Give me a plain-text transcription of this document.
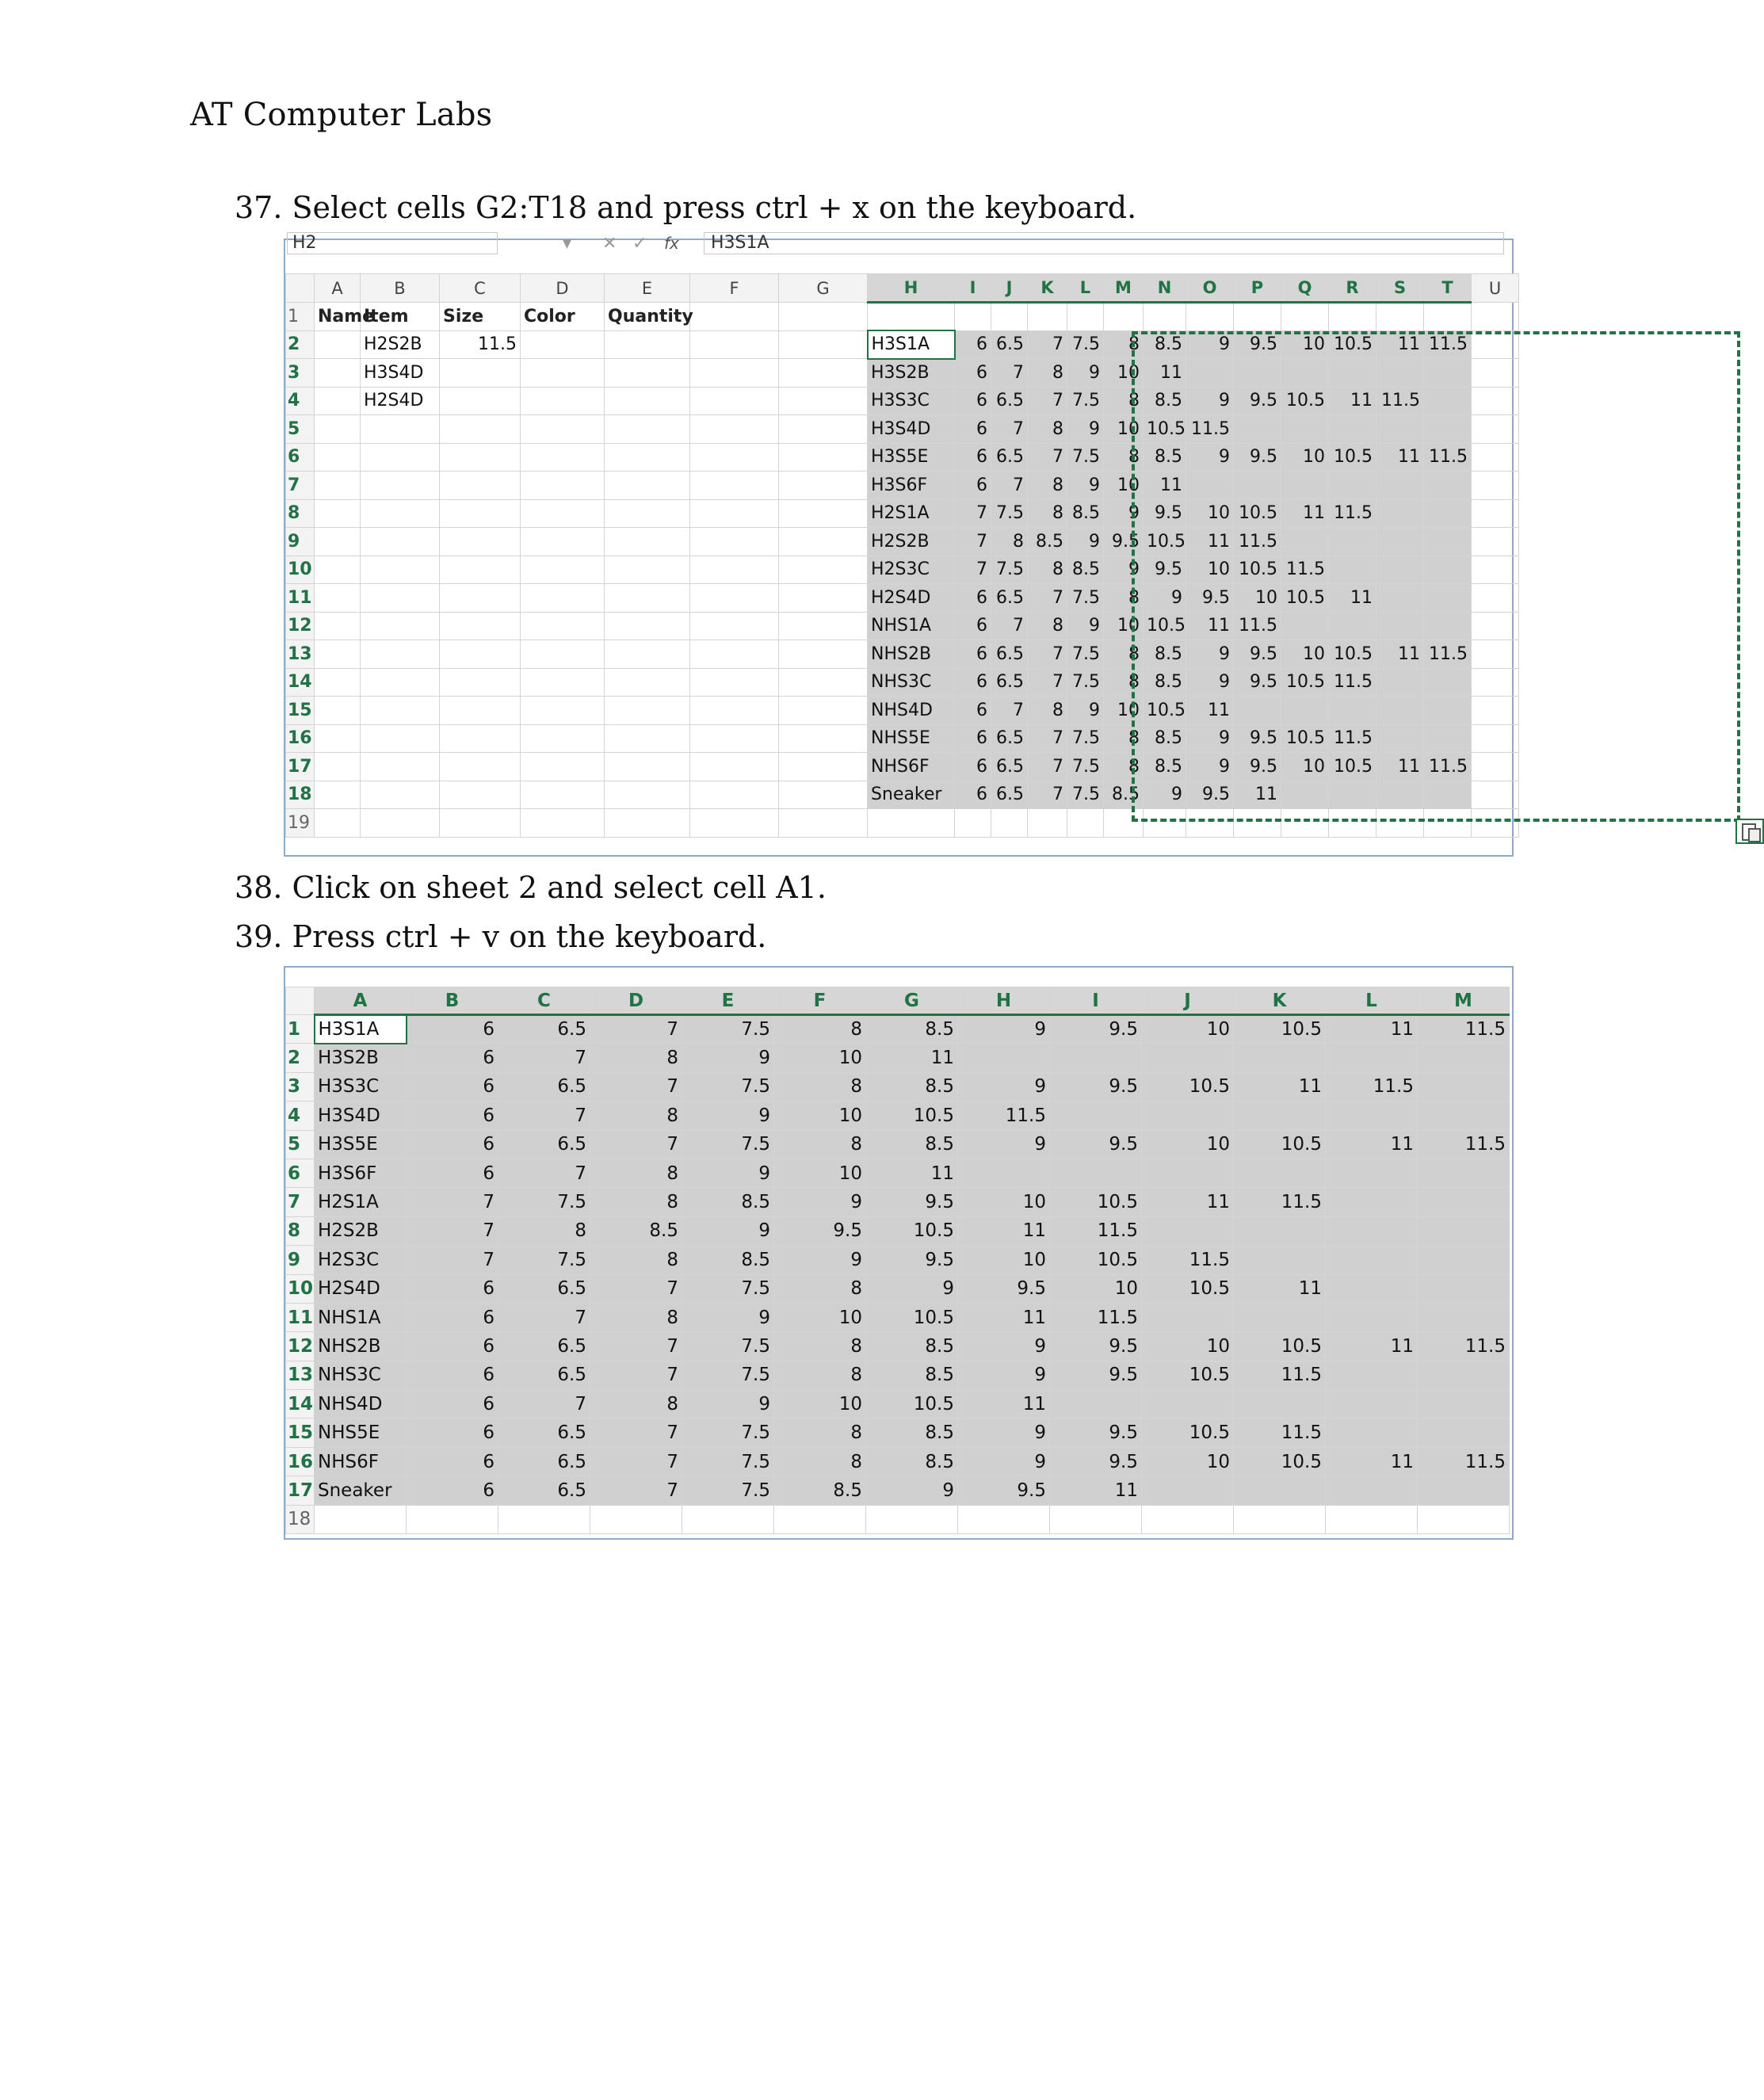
AT Computer Labs
37. Select cells G2:T18 and press ctrl + x on the keyboard.
H2	▾ ✕ ✓ fx	H3S1A
	A	B	C	D	E	F	G	H	I	J	K	L	M	N	O	P	Q	R	S	T	U
1	Name	Item	Size	Color	Quantity																
2		H2S2B	11.5					H3S1A	6	6.5	7	7.5	8	8.5	9	9.5	10	10.5	11	11.5	
3		H3S4D						H3S2B	6	7	8	9	10	11							
4		H2S4D						H3S3C	6	6.5	7	7.5	8	8.5	9	9.5	10.5	11	11.5		
5								H3S4D	6	7	8	9	10	10.5	11.5						
6								H3S5E	6	6.5	7	7.5	8	8.5	9	9.5	10	10.5	11	11.5	
7								H3S6F	6	7	8	9	10	11							
8								H2S1A	7	7.5	8	8.5	9	9.5	10	10.5	11	11.5			
9								H2S2B	7	8	8.5	9	9.5	10.5	11	11.5					
10								H2S3C	7	7.5	8	8.5	9	9.5	10	10.5	11.5				
11								H2S4D	6	6.5	7	7.5	8	9	9.5	10	10.5	11			
12								NHS1A	6	7	8	9	10	10.5	11	11.5					
13								NHS2B	6	6.5	7	7.5	8	8.5	9	9.5	10	10.5	11	11.5	
14								NHS3C	6	6.5	7	7.5	8	8.5	9	9.5	10.5	11.5			
15								NHS4D	6	7	8	9	10	10.5	11						
16								NHS5E	6	6.5	7	7.5	8	8.5	9	9.5	10.5	11.5			
17								NHS6F	6	6.5	7	7.5	8	8.5	9	9.5	10	10.5	11	11.5	
18								Sneaker	6	6.5	7	7.5	8.5	9	9.5	11					
19																					
38. Click on sheet 2 and select cell A1.
39. Press ctrl + v on the keyboard.
	A	B	C	D	E	F	G	H	I	J	K	L	M
1	H3S1A	6	6.5	7	7.5	8	8.5	9	9.5	10	10.5	11	11.5
2	H3S2B	6	7	8	9	10	11						
3	H3S3C	6	6.5	7	7.5	8	8.5	9	9.5	10.5	11	11.5	
4	H3S4D	6	7	8	9	10	10.5	11.5					
5	H3S5E	6	6.5	7	7.5	8	8.5	9	9.5	10	10.5	11	11.5
6	H3S6F	6	7	8	9	10	11						
7	H2S1A	7	7.5	8	8.5	9	9.5	10	10.5	11	11.5		
8	H2S2B	7	8	8.5	9	9.5	10.5	11	11.5				
9	H2S3C	7	7.5	8	8.5	9	9.5	10	10.5	11.5			
10	H2S4D	6	6.5	7	7.5	8	9	9.5	10	10.5	11		
11	NHS1A	6	7	8	9	10	10.5	11	11.5				
12	NHS2B	6	6.5	7	7.5	8	8.5	9	9.5	10	10.5	11	11.5
13	NHS3C	6	6.5	7	7.5	8	8.5	9	9.5	10.5	11.5		
14	NHS4D	6	7	8	9	10	10.5	11					
15	NHS5E	6	6.5	7	7.5	8	8.5	9	9.5	10.5	11.5		
16	NHS6F	6	6.5	7	7.5	8	8.5	9	9.5	10	10.5	11	11.5
17	Sneaker	6	6.5	7	7.5	8.5	9	9.5	11				
18													
